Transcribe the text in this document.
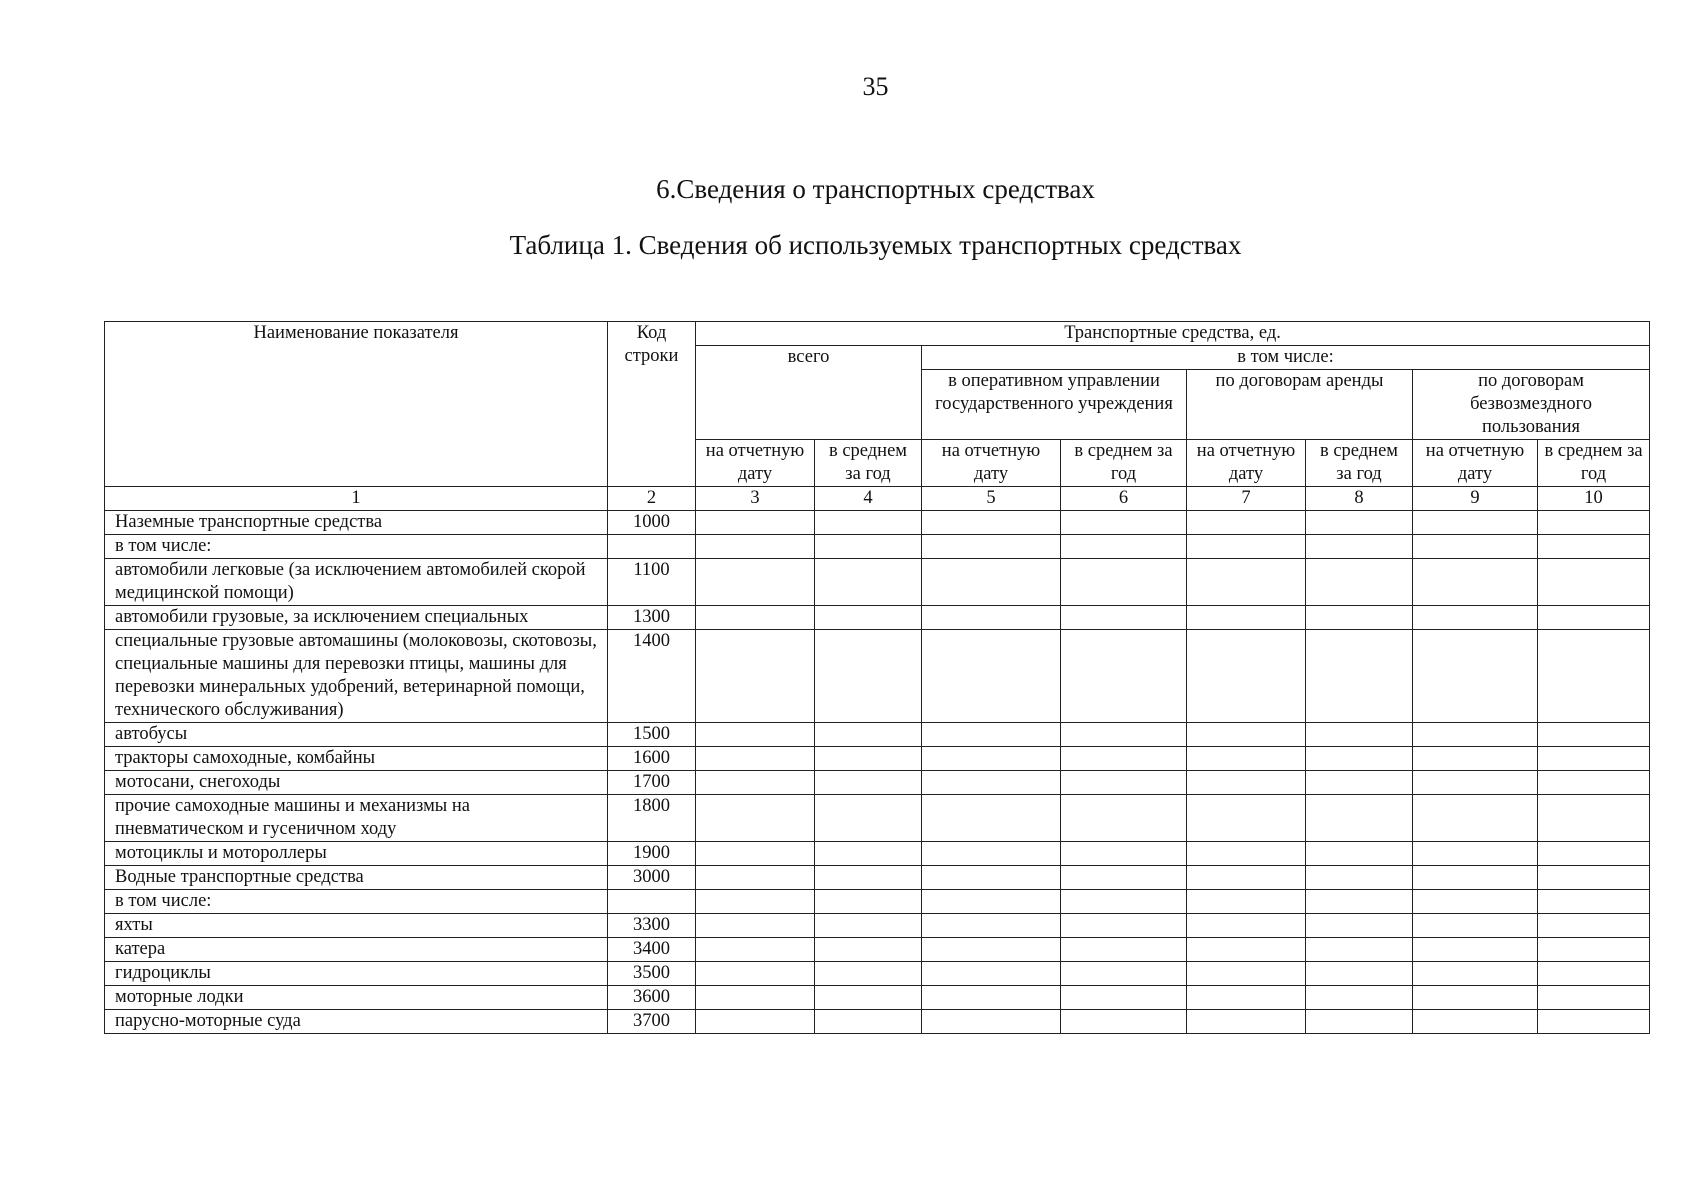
35
6.Сведения о транспортных средствах
Таблица 1. Сведения об используемых транспортных средствах
Наименование показателя	Код строки	Транспортные средства, ед.							
		всего		в том числе:					
				в оперативном управлении государственного учреждения		по договорам аренды		по договорам безвозмездного пользования	
		на отчетную дату	в среднем за год	на отчетную дату	в среднем за год	на отчетную дату	в среднем за год	на отчетную дату	в среднем за год
1	2	3	4	5	6	7	8	9	10
Наземные транспортные средства	1000								
в том числе:									
автомобили легковые (за исключением автомобилей скорой медицинской помощи)	1100								
автомобили грузовые, за исключением специальных	1300								
специальные грузовые автомашины (молоковозы, скотовозы, специальные машины для перевозки птицы, машины для перевозки минеральных удобрений, ветеринарной помощи, технического обслуживания)	1400								
автобусы	1500								
тракторы самоходные, комбайны	1600								
мотосани, снегоходы	1700								
прочие самоходные машины и механизмы на пневматическом и гусеничном ходу	1800								
мотоциклы и мотороллеры	1900								
Водные транспортные средства	3000								
в том числе:									
яхты	3300								
катера	3400								
гидроциклы	3500								
моторные лодки	3600								
парусно-моторные суда	3700								
